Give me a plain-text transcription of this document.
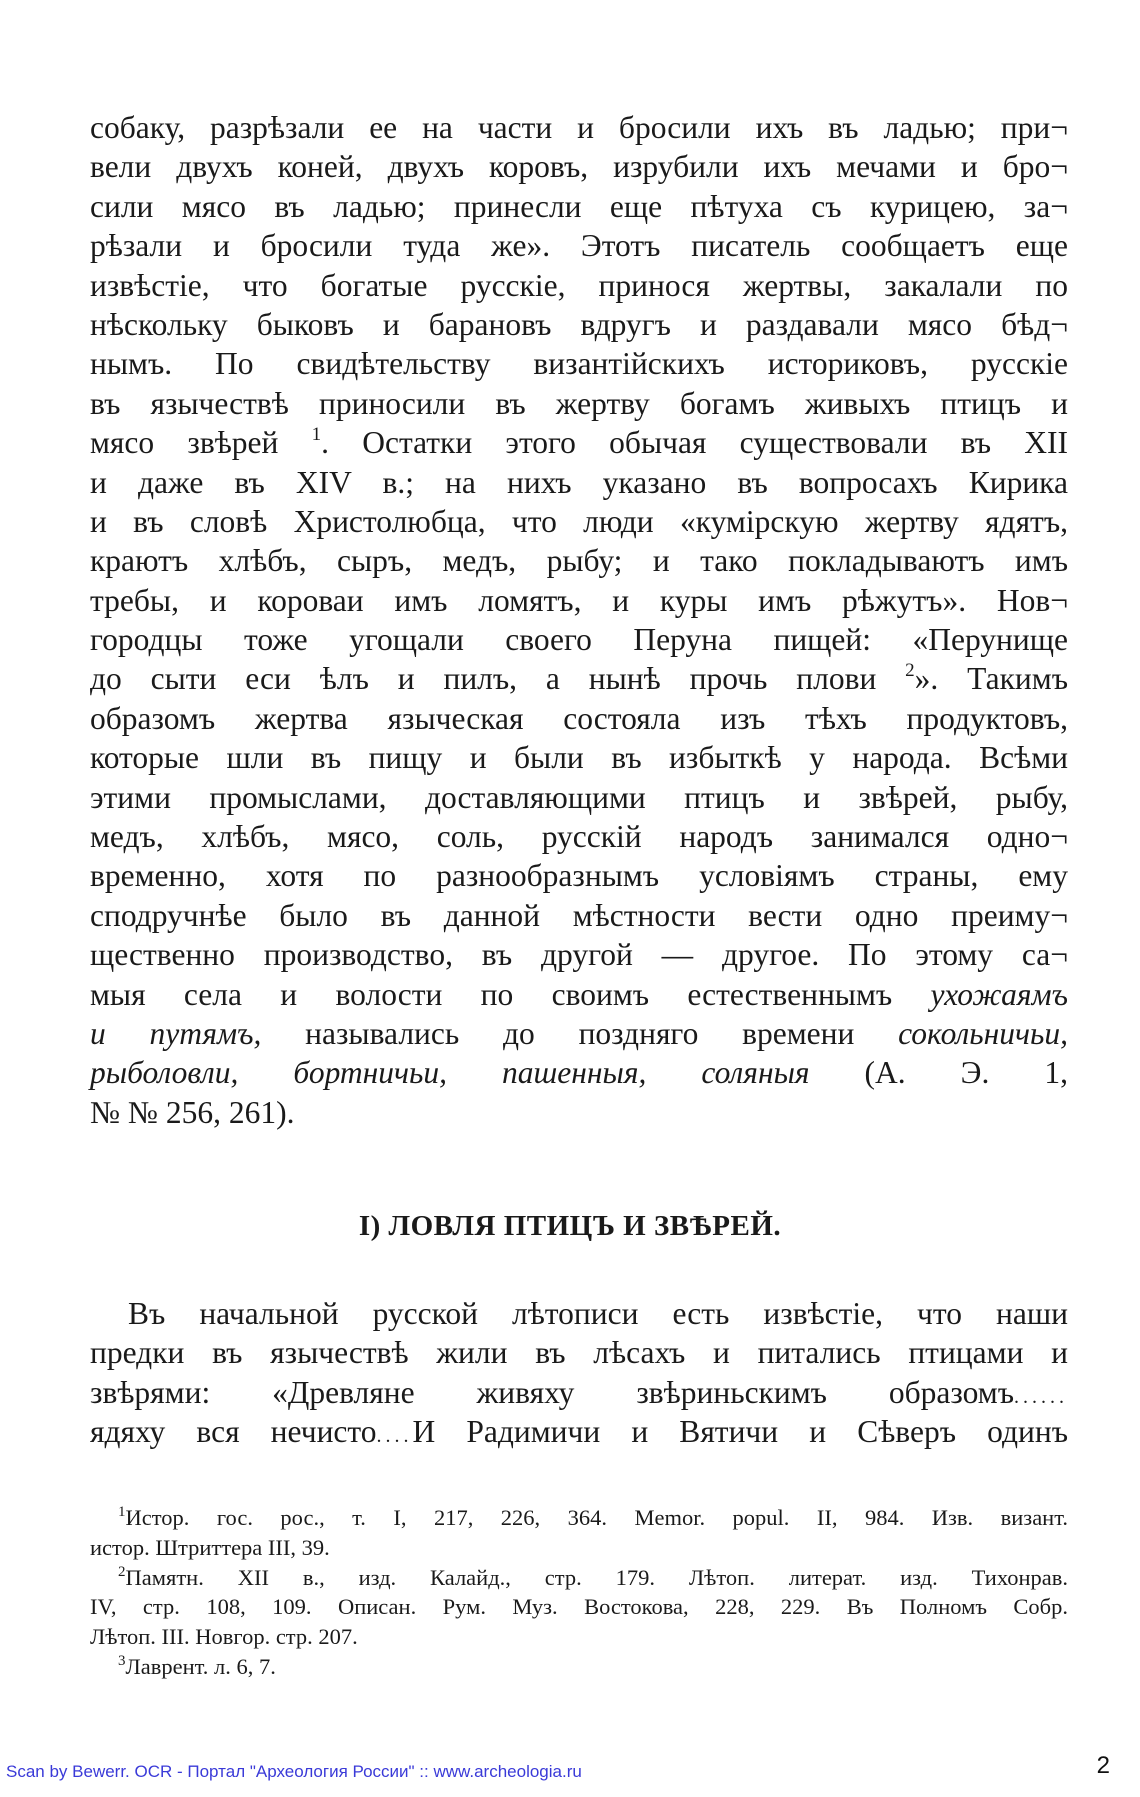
собаку, разрѣзали ее на части и бросили ихъ въ ладью; при¬
вели двухъ коней, двухъ коровъ, изрубили ихъ мечами и бро¬
сили мясо въ ладью; принесли еще пѣтуха съ курицею, за¬
рѣзали и бросили туда же». Этотъ писатель сообщаетъ еще
извѣстіе, что богатые русскіе, принося жертвы, закалали по
нѣскольку быковъ и барановъ вдругъ и раздавали мясо бѣд¬
нымъ. По свидѣтельству византійскихъ историковъ, русскіе
въ язычествѣ приносили въ жертву богамъ живыхъ птицъ и
мясо звѣрей $^1$. Остатки этого обычая существовали въ XII
и даже въ XIV в.; на нихъ указано въ вопросахъ Кирика
и въ словѣ Христолюбца, что люди «кумірскую жертву ядятъ,
краютъ хлѣбъ, сыръ, медъ, рыбу; и тако покладываютъ имъ
требы, и короваи имъ ломятъ, и куры имъ рѣжутъ». Нов¬
городцы тоже угощали своего Перуна пищей: «Перунище
до сыти еси ѣлъ и пилъ, а нынѣ прочь плови $^2$». Такимъ
образомъ жертва языческая состояла изъ тѣхъ продуктовъ,
которые шли въ пищу и были въ избыткѣ у народа. Всѣми
этими промыслами, доставляющими птицъ и звѣрей, рыбу,
медъ, хлѣбъ, мясо, соль, русскій народъ занимался одно¬
временно, хотя по разнообразнымъ условіямъ страны, ему
сподручнѣе было въ данной мѣстности вести одно преиму¬
щественно производство, въ другой — другое. По этому са¬
мыя села и волости по своимъ естественнымъ ухожаямъ
и путямъ, назывались до поздняго времени сокольничьи,
рыболовли, бортничьи, пашенныя, соляныя (А. Э. 1,
№ № 256, 261).
I) ЛОВЛЯ ПТИЦЪ И ЗВѢРЕЙ.
Въ начальной русской лѣтописи есть извѣстіе, что наши
предки въ язычествѣ жили въ лѣсахъ и питались птицами и
звѣрями: «Древляне живяху звѣриньскимъ образомъ......
ядяху вся нечисто....И Радимичи и Вятичи и Сѣверъ одинъ
$^1$Истор. гос. рос., т. I, 217, 226, 364. Memor. popul. II, 984. Изв. визант.
истор. Штриттера III, 39.
$^2$Памятн. XII в., изд. Калайд., стр. 179. Лѣтоп. литерат. изд. Тихонрав.
IV, стр. 108, 109. Описан. Рум. Муз. Востокова, 228, 229. Въ Полномъ Собр.
Лѣтоп. III. Новгор. стр. 207.
$^3$Лаврент. л. 6, 7.
Scan by Bewerr. OCR - Портал "Археология России" :: www.archeologia.ru	2
